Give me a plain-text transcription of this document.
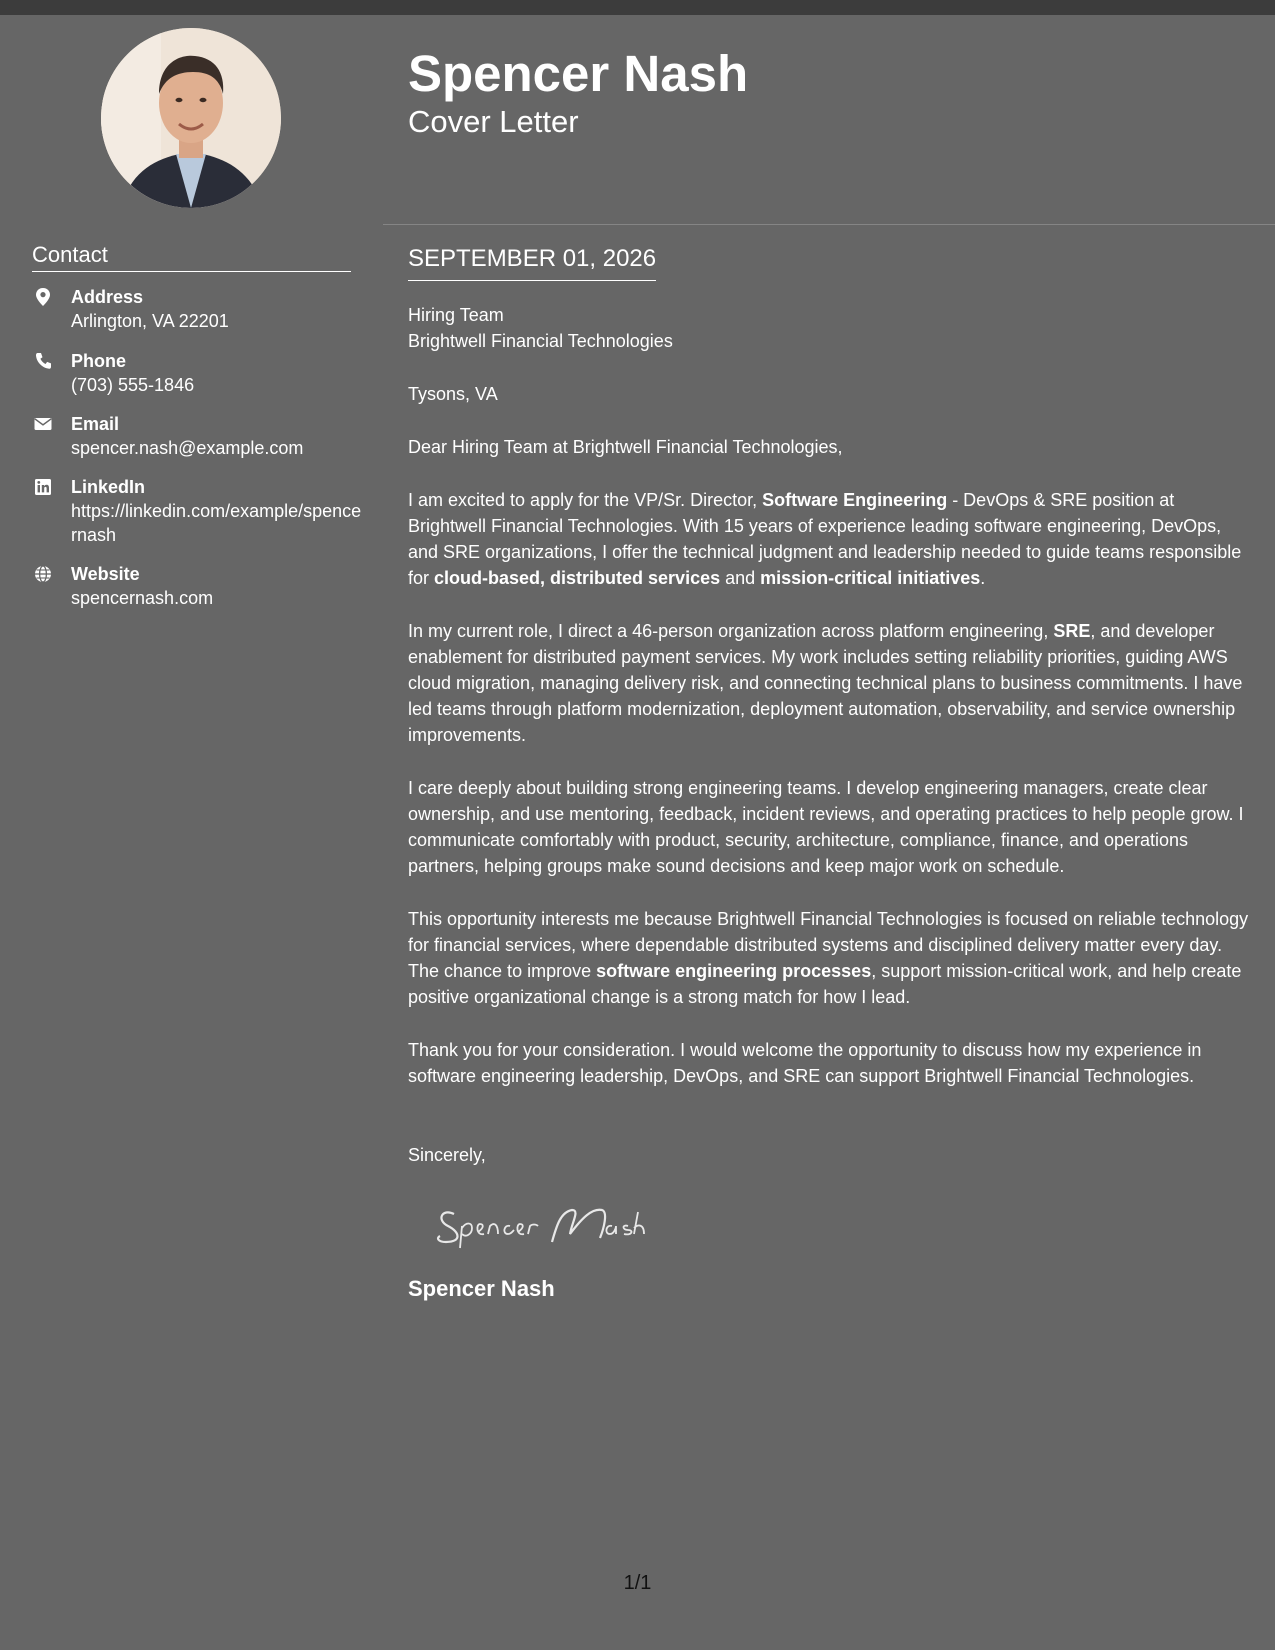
Contact
Address
Arlington, VA 22201
Phone
(703) 555-1846
Email
spencer.nash@example.com
LinkedIn
https://linkedin.com/example/spencernash
Website
spencernash.com
Spencer Nash
Cover Letter
SEPTEMBER 01, 2026

Hiring Team
Brightwell Financial Technologies

Tysons, VA

Dear Hiring Team at Brightwell Financial Technologies,

I am excited to apply for the VP/Sr. Director, Software Engineering - DevOps & SRE position at Brightwell Financial Technologies. With 15 years of experience leading software engineering, DevOps, and SRE organizations, I offer the technical judgment and leadership needed to guide teams responsible for cloud-based, distributed services and mission-critical initiatives.

In my current role, I direct a 46-person organization across platform engineering, SRE, and developer enablement for distributed payment services. My work includes setting reliability priorities, guiding AWS cloud migration, managing delivery risk, and connecting technical plans to business commitments. I have led teams through platform modernization, deployment automation, observability, and service ownership improvements.

I care deeply about building strong engineering teams. I develop engineering managers, create clear ownership, and use mentoring, feedback, incident reviews, and operating practices to help people grow. I communicate comfortably with product, security, architecture, compliance, finance, and operations partners, helping groups make sound decisions and keep major work on schedule.

This opportunity interests me because Brightwell Financial Technologies is focused on reliable technology for financial services, where dependable distributed systems and disciplined delivery matter every day. The chance to improve software engineering processes, support mission-critical work, and help create positive organizational change is a strong match for how I lead.

Thank you for your consideration. I would welcome the opportunity to discuss how my experience in software engineering leadership, DevOps, and SRE can support Brightwell Financial Technologies.

Sincerely,

Spencer Nash

1/1
